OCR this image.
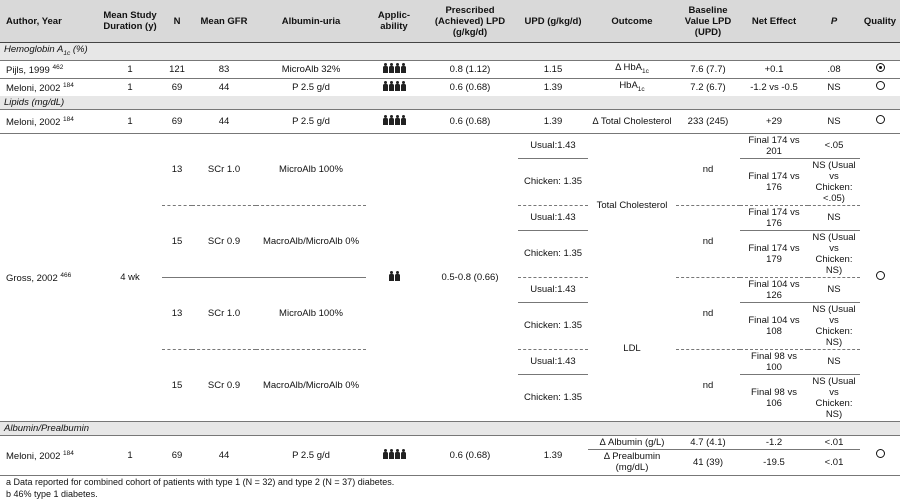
Author, Year	Mean Study Duration (y)	N	Mean GFR	Albumin-uria	Applic-ability	Prescribed (Achieved) LPD (g/kg/d)	UPD (g/kg/d)	Outcome	Baseline Value LPD (UPD)	Net Effect	P	Quality
Hemoglobin $A_{1c}$ (%)												
Pijls, 1999 $^{462}$	1	121	83	MicroAlb 32%		0.8 (1.12)	1.15	Δ HbA$_{1c}$	7.6 (7.7)	+0.1	.08	
Meloni, 2002 $^{184}$	1	69	44	P 2.5 g/d		0.6 (0.68)	1.39	HbA$_{1c}$	7.2 (6.7)	-1.2 vs -0.5	NS	
Lipids (mg/dL)												
Meloni, 2002 $^{184}$	1	69	44	P 2.5 g/d		0.6 (0.68)	1.39	Δ Total Cholesterol	233 (245)	+29	NS	
Gross, 2002 $^{466}$	4 wk	13	SCr 1.0	MicroAlb 100%		0.5-0.8 (0.66)	Usual:1.43	Total Cholesterol	nd	Final 174 vs 201	<.05	
							Chicken: 1.35			Final 174 vs 176	NS (Usual vs Chicken: <.05)	
		15	SCr 0.9	MacroAlb/MicroAlb 0%			Usual:1.43		nd	Final 174 vs 176	NS	
							Chicken: 1.35			Final 174 vs 179	NS (Usual vs Chicken: NS)	
		13	SCr 1.0	MicroAlb 100%			Usual:1.43	LDL	nd	Final 104 vs 126	NS	
							Chicken: 1.35			Final 104 vs 108	NS (Usual vs Chicken: NS)	
		15	SCr 0.9	MacroAlb/MicroAlb 0%			Usual:1.43		nd	Final 98 vs 100	NS	
							Chicken: 1.35			Final 98 vs 106	NS (Usual vs Chicken: NS)	
Albumin/Prealbumin												
Meloni, 2002 $^{184}$	1	69	44	P 2.5 g/d		0.6 (0.68)	1.39	Δ Albumin (g/L)	4.7 (4.1)	-1.2	<.01	
								Δ Prealbumin (mg/dL)	41 (39)	-19.5	<.01	
a Data reported for combined cohort of patients with type 1 (N = 32) and type 2 (N = 37) diabetes.
b 46% type 1 diabetes.
